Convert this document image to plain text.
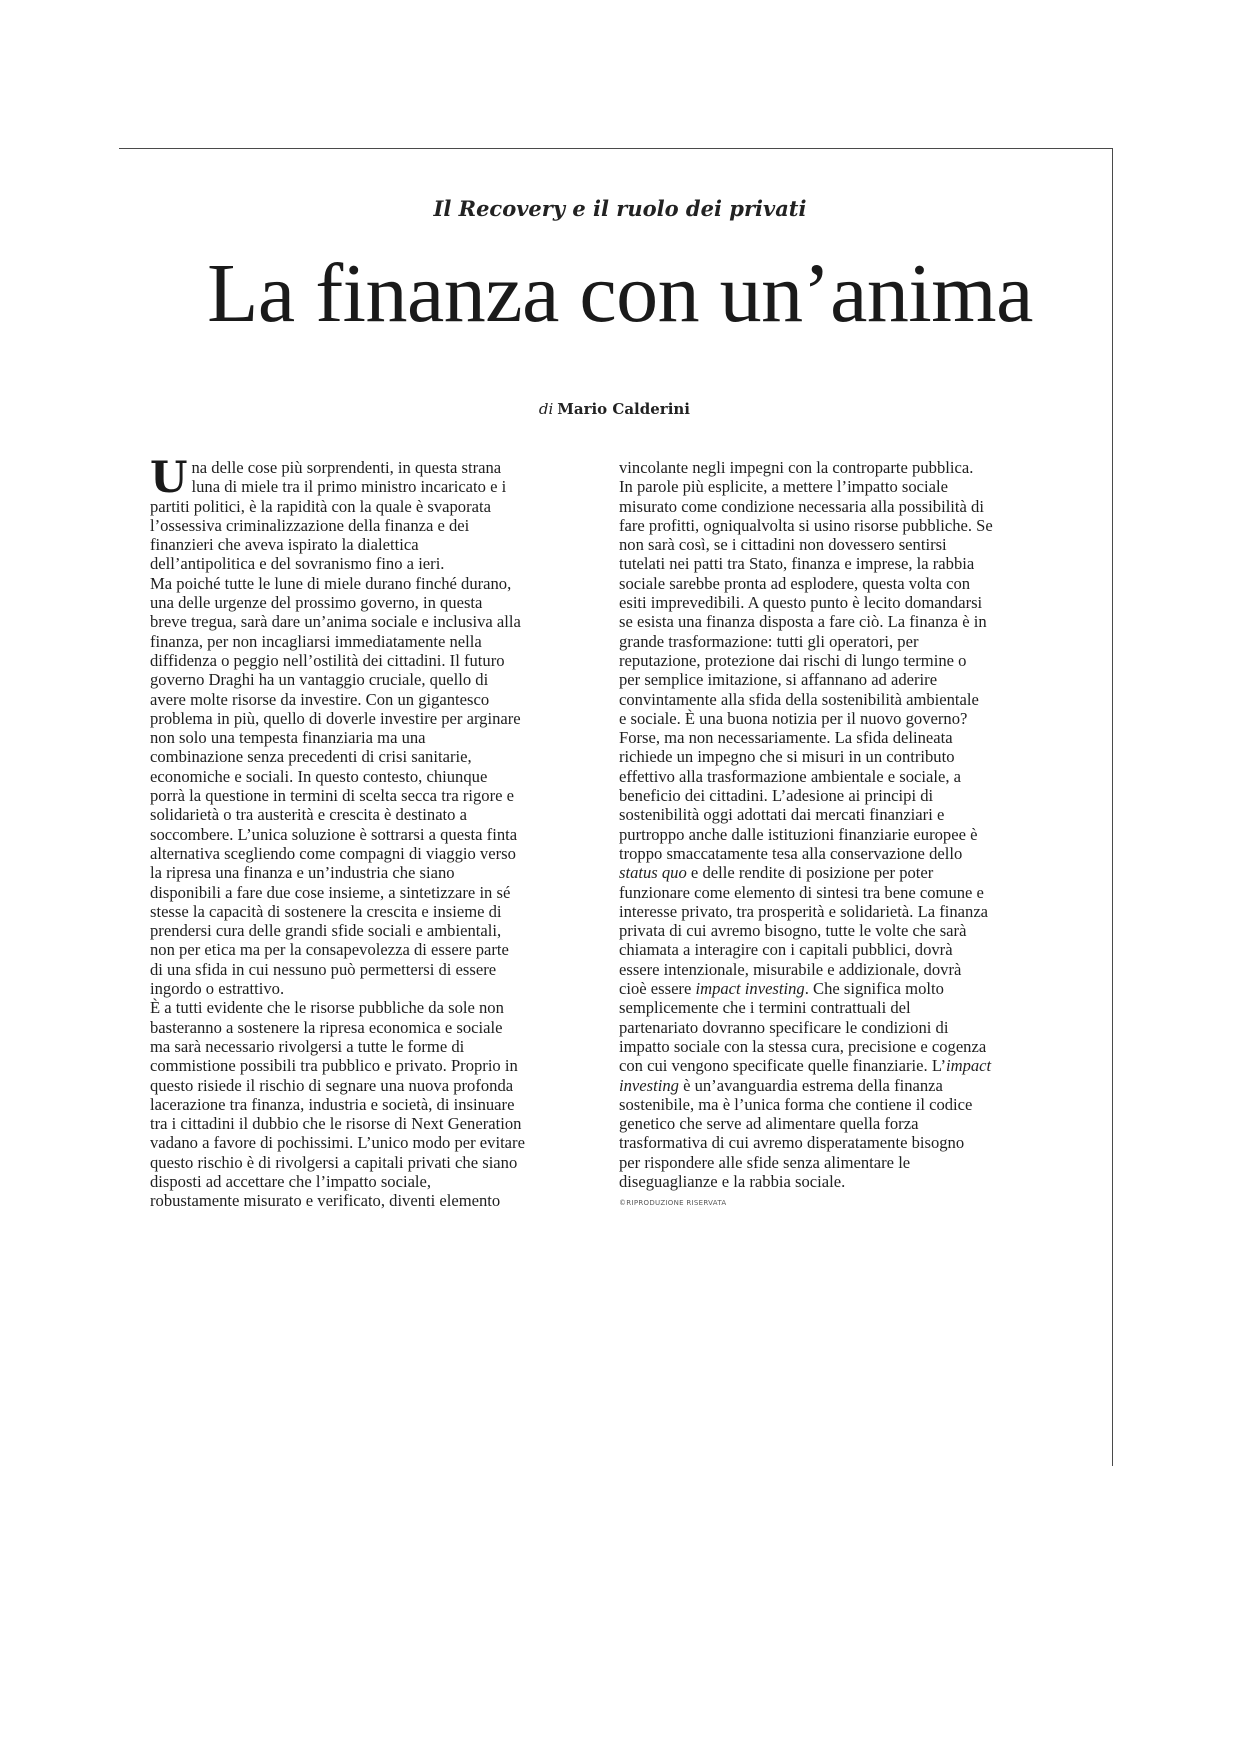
Il Recovery e il ruolo dei privati
La finanza con un’anima
di Mario Calderini
U na delle cose più sorprendenti, in questa strana
luna di miele tra il primo ministro incaricato e i
partiti politici, è la rapidità con la quale è svaporata
l’ossessiva criminalizzazione della finanza e dei
finanzieri che aveva ispirato la dialettica
dell’antipolitica e del sovranismo fino a ieri.
Ma poiché tutte le lune di miele durano finché durano,
una delle urgenze del prossimo governo, in questa
breve tregua, sarà dare un’anima sociale e inclusiva alla
finanza, per non incagliarsi immediatamente nella
diffidenza o peggio nell’ostilità dei cittadini. Il futuro
governo Draghi ha un vantaggio cruciale, quello di
avere molte risorse da investire. Con un gigantesco
problema in più, quello di doverle investire per arginare
non solo una tempesta finanziaria ma una
combinazione senza precedenti di crisi sanitarie,
economiche e sociali. In questo contesto, chiunque
porrà la questione in termini di scelta secca tra rigore e
solidarietà o tra austerità e crescita è destinato a
soccombere. L’unica soluzione è sottrarsi a questa finta
alternativa scegliendo come compagni di viaggio verso
la ripresa una finanza e un’industria che siano
disponibili a fare due cose insieme, a sintetizzare in sé
stesse la capacità di sostenere la crescita e insieme di
prendersi cura delle grandi sfide sociali e ambientali,
non per etica ma per la consapevolezza di essere parte
di una sfida in cui nessuno può permettersi di essere
ingordo o estrattivo.
È a tutti evidente che le risorse pubbliche da sole non
basteranno a sostenere la ripresa economica e sociale
ma sarà necessario rivolgersi a tutte le forme di
commistione possibili tra pubblico e privato. Proprio in
questo risiede il rischio di segnare una nuova profonda
lacerazione tra finanza, industria e società, di insinuare
tra i cittadini il dubbio che le risorse di Next Generation
vadano a favore di pochissimi. L’unico modo per evitare
questo rischio è di rivolgersi a capitali privati che siano
disposti ad accettare che l’impatto sociale,
robustamente misurato e verificato, diventi elemento
vincolante negli impegni con la controparte pubblica.
In parole più esplicite, a mettere l’impatto sociale
misurato come condizione necessaria alla possibilità di
fare profitti, ogniqualvolta si usino risorse pubbliche. Se
non sarà così, se i cittadini non dovessero sentirsi
tutelati nei patti tra Stato, finanza e imprese, la rabbia
sociale sarebbe pronta ad esplodere, questa volta con
esiti imprevedibili. A questo punto è lecito domandarsi
se esista una finanza disposta a fare ciò. La finanza è in
grande trasformazione: tutti gli operatori, per
reputazione, protezione dai rischi di lungo termine o
per semplice imitazione, si affannano ad aderire
convintamente alla sfida della sostenibilità ambientale
e sociale. È una buona notizia per il nuovo governo?
Forse, ma non necessariamente. La sfida delineata
richiede un impegno che si misuri in un contributo
effettivo alla trasformazione ambientale e sociale, a
beneficio dei cittadini. L’adesione ai principi di
sostenibilità oggi adottati dai mercati finanziari e
purtroppo anche dalle istituzioni finanziarie europee è
troppo smaccatamente tesa alla conservazione dello
status quo e delle rendite di posizione per poter
funzionare come elemento di sintesi tra bene comune e
interesse privato, tra prosperità e solidarietà. La finanza
privata di cui avremo bisogno, tutte le volte che sarà
chiamata a interagire con i capitali pubblici, dovrà
essere intenzionale, misurabile e addizionale, dovrà
cioè essere impact investing. Che significa molto
semplicemente che i termini contrattuali del
partenariato dovranno specificare le condizioni di
impatto sociale con la stessa cura, precisione e cogenza
con cui vengono specificate quelle finanziarie. L’impact
investing è un’avanguardia estrema della finanza
sostenibile, ma è l’unica forma che contiene il codice
genetico che serve ad alimentare quella forza
trasformativa di cui avremo disperatamente bisogno
per rispondere alle sfide senza alimentare le
diseguaglianze e la rabbia sociale.
©RIPRODUZIONE RISERVATA
